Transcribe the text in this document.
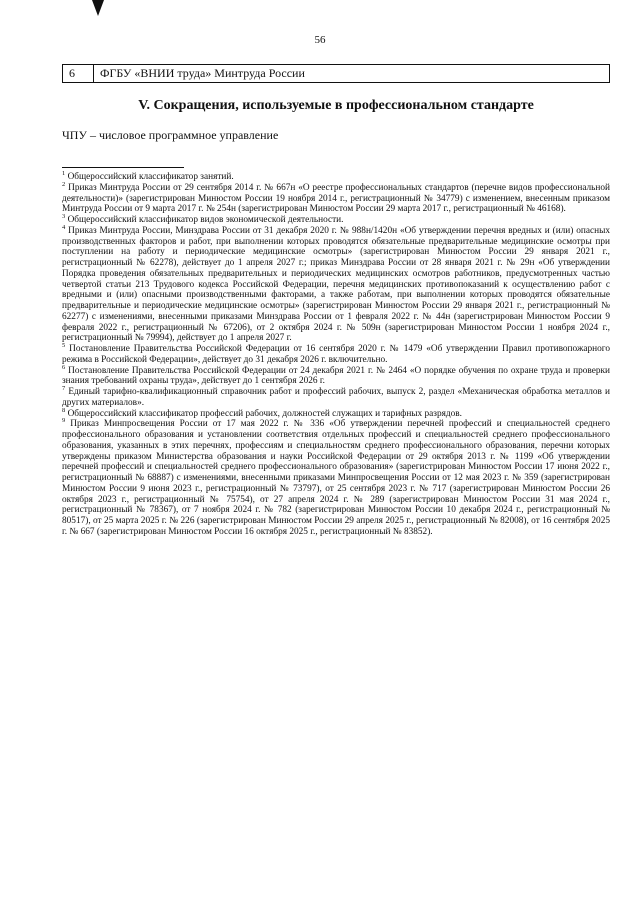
56
6	ФГБУ «ВНИИ труда» Минтруда России
V. Сокращения, используемые в профессиональном стандарте
ЧПУ – числовое программное управление

$^1$ Общероссийский классификатор занятий.

$^2$ Приказ Минтруда России от 29 сентября 2014 г. № 667н «О реестре профессиональных стандартов (перечне видов профессиональной деятельности)» (зарегистрирован Минюстом России 19 ноября 2014 г., регистрационный № 34779) с изменением, внесенным приказом Минтруда России от 9 марта 2017 г. № 254н (зарегистрирован Минюстом России 29 марта 2017 г., регистрационный № 46168).

$^3$ Общероссийский классификатор видов экономической деятельности.

$^4$ Приказ Минтруда России, Минздрава России от 31 декабря 2020 г. № 988н/1420н «Об утверждении перечня вредных и (или) опасных производственных факторов и работ, при выполнении которых проводятся обязательные предварительные медицинские осмотры при поступлении на работу и периодические медицинские осмотры» (зарегистрирован Минюстом России 29 января 2021 г., регистрационный № 62278), действует до 1 апреля 2027 г.; приказ Минздрава России от 28 января 2021 г. № 29н «Об утверждении Порядка проведения обязательных предварительных и периодических медицинских осмотров работников, предусмотренных частью четвертой статьи 213 Трудового кодекса Российской Федерации, перечня медицинских противопоказаний к осуществлению работ с вредными и (или) опасными производственными факторами, а также работам, при выполнении которых проводятся обязательные предварительные и периодические медицинские осмотры» (зарегистрирован Минюстом России 29 января 2021 г., регистрационный № 62277) с изменениями, внесенными приказами Минздрава России от 1 февраля 2022 г. № 44н (зарегистрирован Минюстом России 9 февраля 2022 г., регистрационный № 67206), от 2 октября 2024 г. № 509н (зарегистрирован Минюстом России 1 ноября 2024 г., регистрационный № 79994), действует до 1 апреля 2027 г.

$^5$ Постановление Правительства Российской Федерации от 16 сентября 2020 г. № 1479 «Об утверждении Правил противопожарного режима в Российской Федерации», действует до 31 декабря 2026 г. включительно.

$^6$ Постановление Правительства Российской Федерации от 24 декабря 2021 г. № 2464 «О порядке обучения по охране труда и проверки знания требований охраны труда», действует до 1 сентября 2026 г.

$^7$ Единый тарифно-квалификационный справочник работ и профессий рабочих, выпуск 2, раздел «Механическая обработка металлов и других материалов».

$^8$ Общероссийский классификатор профессий рабочих, должностей служащих и тарифных разрядов.

$^9$ Приказ Минпросвещения России от 17 мая 2022 г. № 336 «Об утверждении перечней профессий и специальностей среднего профессионального образования и установлении соответствия отдельных профессий и специальностей среднего профессионального образования, указанных в этих перечнях, профессиям и специальностям среднего профессионального образования, перечни которых утверждены приказом Министерства образования и науки Российской Федерации от 29 октября 2013 г. № 1199 «Об утверждении перечней профессий и специальностей среднего профессионального образования» (зарегистрирован Минюстом России 17 июня 2022 г., регистрационный № 68887) с изменениями, внесенными приказами Минпросвещения России от 12 мая 2023 г. № 359 (зарегистрирован Минюстом России 9 июня 2023 г., регистрационный № 73797), от 25 сентября 2023 г. № 717 (зарегистрирован Минюстом России 26 октября 2023 г., регистрационный № 75754), от 27 апреля 2024 г. № 289 (зарегистрирован Минюстом России 31 мая 2024 г., регистрационный № 78367), от 7 ноября 2024 г. № 782 (зарегистрирован Минюстом России 10 декабря 2024 г., регистрационный № 80517), от 25 марта 2025 г. № 226 (зарегистрирован Минюстом России 29 апреля 2025 г., регистрационный № 82008), от 16 сентября 2025 г. № 667 (зарегистрирован Минюстом России 16 октября 2025 г., регистрационный № 83852).
